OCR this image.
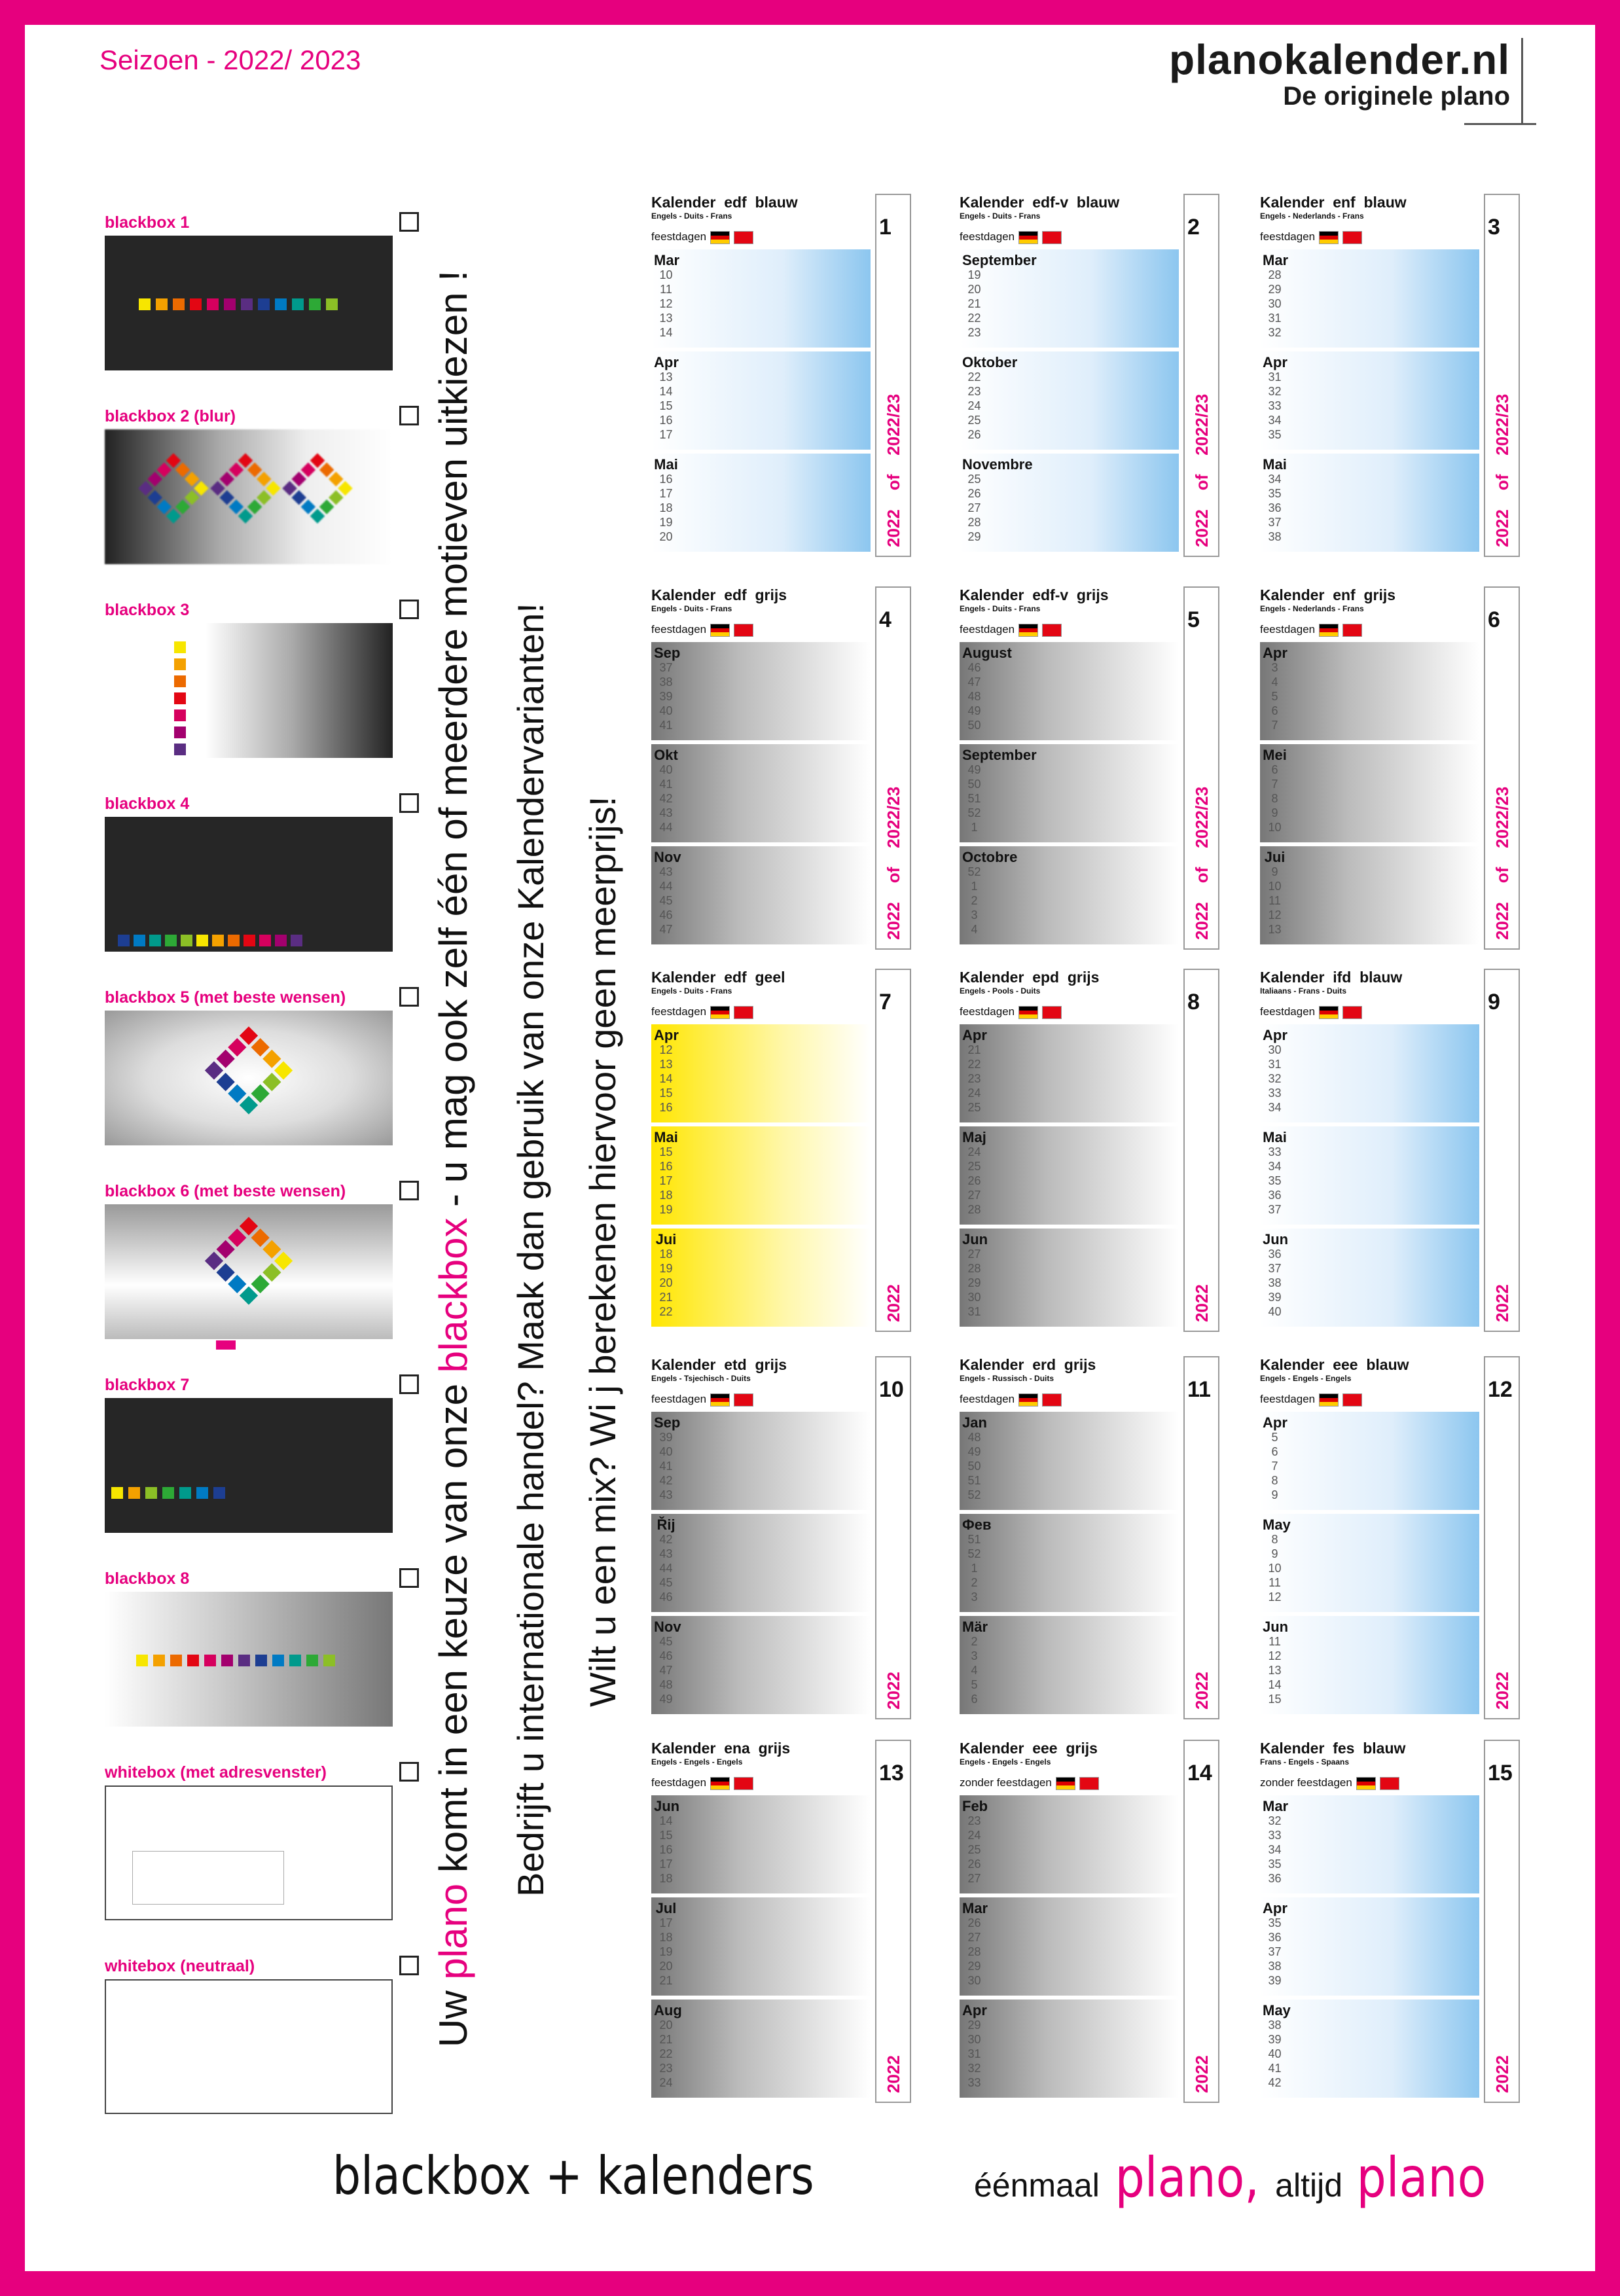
Seizoen - 2022/ 2023	planokalender.nl
De originele plano
blackbox 1
blackbox 2 (blur)
blackbox 3
blackbox 4
blackbox 5 (met beste wensen)
blackbox 6 (met beste wensen)
blackbox 7
blackbox 8
whitebox (met adresvenster)
whitebox (neutraal)
Uw plano komt in een keuze van onze blackbox - u mag ook zelf één of meerdere motieven uitkiezen ! Bedrijft u internationale handel? Maak dan gebruik van onze Kalendervarianten! Wilt u een mix? Wi j berekenen hiervoor geen meerprijs!
Kalender  edf  blauw
Engels - Duits - Frans
feestdagen
Mar
10

11

12

13

14

Apr
13

14

15

16

17

Mai
16

17

18

19

20

1
2022    of    2022/23
Kalender  edf-v  blauw
Engels - Duits - Frans
feestdagen
September
19

20

21

22

23

Oktober
22

23

24

25

26

Novembre
25

26

27

28

29

2
2022    of    2022/23
Kalender  enf  blauw
Engels - Nederlands - Frans
feestdagen
Mar
28

29

30

31

32

Apr
31

32

33

34

35

Mai
34

35

36

37

38

3
2022    of    2022/23
Kalender  edf  grijs
Engels - Duits - Frans
feestdagen
Sep
37

38

39

40

41

Okt
40

41

42

43

44

Nov
43

44

45

46

47

4
2022    of    2022/23
Kalender  edf-v  grijs
Engels - Duits - Frans
feestdagen
August
46

47

48

49

50

September
49

50

51

52

1

Octobre
52

1

2

3

4

5
2022    of    2022/23
Kalender  enf  grijs
Engels - Nederlands - Frans
feestdagen
Apr
3

4

5

6

7

Mei
6

7

8

9

10

Jui
9

10

11

12

13

6
2022    of    2022/23
Kalender  edf  geel
Engels - Duits - Frans
feestdagen
Apr
12

13

14

15

16

Mai
15

16

17

18

19

Jui
18

19

20

21

22

7
2022
Kalender  epd  grijs
Engels - Pools - Duits
feestdagen
Apr
21

22

23

24

25

Maj
24

25

26

27

28

Jun
27

28

29

30

31

8
2022
Kalender  ifd  blauw
Italiaans - Frans - Duits
feestdagen
Apr
30

31

32

33

34

Mai
33

34

35

36

37

Jun
36

37

38

39

40

9
2022
Kalender  etd  grijs
Engels - Tsjechisch - Duits
feestdagen
Sep
39

40

41

42

43

Řij
42

43

44

45

46

Nov
45

46

47

48

49

10
2022
Kalender  erd  grijs
Engels - Russisch - Duits
feestdagen
Jan
48

49

50

51

52

Фев
51

52

1

2

3

Mär
2

3

4

5

6

11
2022
Kalender  eee  blauw
Engels - Engels - Engels
feestdagen
Apr
5

6

7

8

9

May
8

9

10

11

12

Jun
11

12

13

14

15

12
2022
Kalender  ena  grijs
Engels - Engels - Engels
feestdagen
Jun
14

15

16

17

18

Jul
17

18

19

20

21

Aug
20

21

22

23

24

13
2022
Kalender  eee  grijs
Engels - Engels - Engels
zonder feestdagen
Feb
23

24

25

26

27

Mar
26

27

28

29

30

Apr
29

30

31

32

33

14
2022
Kalender  fes  blauw
Frans - Engels - Spaans
zonder feestdagen
Mar
32

33

34

35

36

Apr
35

36

37

38

39

May
38

39

40

41

42

15
2022
blackbox + kalenders	éénmaal plano, altijd plano
